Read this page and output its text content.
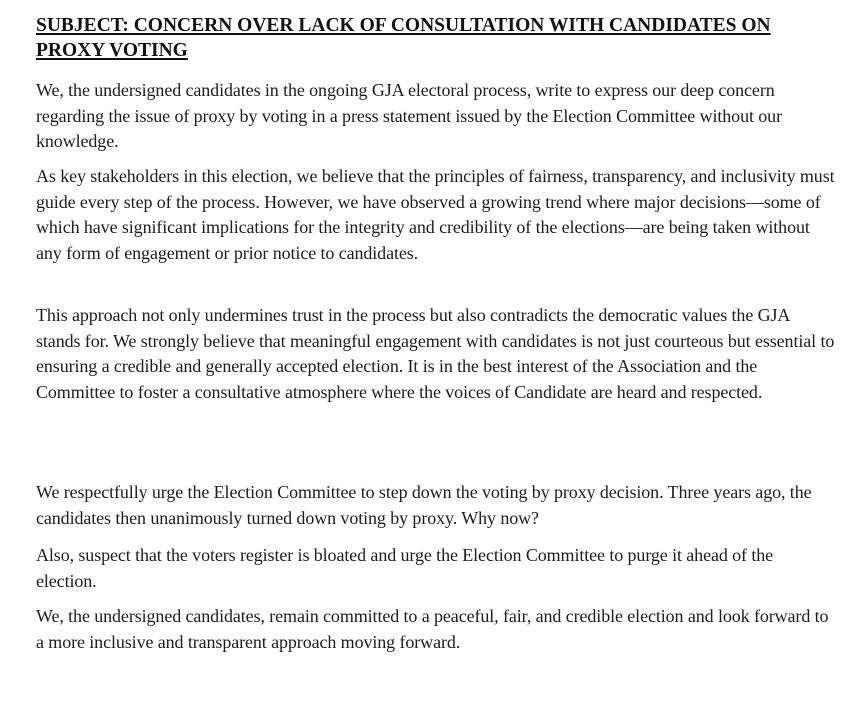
SUBJECT: CONCERN OVER LACK OF CONSULTATION WITH CANDIDATES ON PROXY VOTING

We, the undersigned candidates in the ongoing GJA electoral process, write to express our deep concern regarding the issue of proxy by voting in a press statement issued by the Election Committee without our knowledge.

As key stakeholders in this election, we believe that the principles of fairness, transparency, and inclusivity must guide every step of the process. However, we have observed a growing trend where major decisions—some of which have significant implications for the integrity and credibility of the elections—are being taken without any form of engagement or prior notice to candidates.

This approach not only undermines trust in the process but also contradicts the democratic values the GJA stands for. We strongly believe that meaningful engagement with candidates is not just courteous but essential to ensuring a credible and generally accepted election. It is in the best interest of the Association and the Committee to foster a consultative atmosphere where the voices of Candidate are heard and respected.

We respectfully urge the Election Committee to step down the voting by proxy decision. Three years ago, the candidates then unanimously turned down voting by proxy. Why now?

Also, suspect that the voters register is bloated and urge the Election Committee to purge it ahead of the election.

We, the undersigned candidates, remain committed to a peaceful, fair, and credible election and look forward to a more inclusive and transparent approach moving forward.
